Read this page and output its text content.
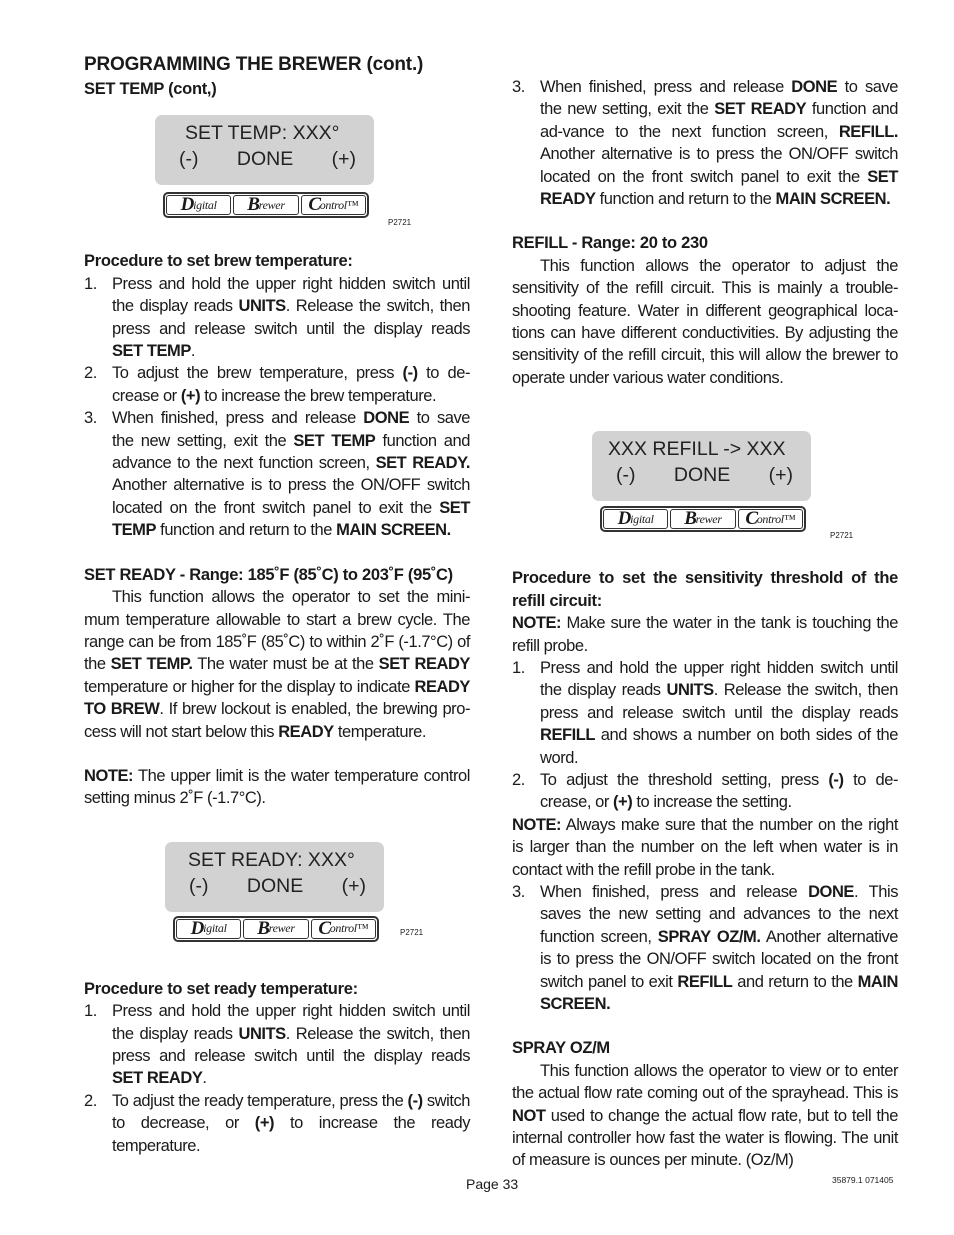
PROGRAMMING THE BREWER (cont.)

SET TEMP (cont,)

SET TEMP: XXX°
(-) DONE (+)
D igital B rewer C ontrol™
P2721

Procedure to set brew temperature:

1. Press and hold the upper right hidden switch until the display reads UNITS. Release the switch, then press and release switch until the display reads SET TEMP.
2. To adjust the brew temperature, press (-) to de-crease or (+) to increase the brew temperature.
3. When finished, press and release DONE to save the new setting, exit the SET TEMP function and advance to the next function screen, SET READY. Another alternative is to press the ON/OFF switch located on the front switch panel to exit the SET TEMP function and return to the MAIN SCREEN.

SET READY - Range: 185˚F (85˚C) to 203˚F (95˚C)

This function allows the operator to set the mini-mum temperature allowable to start a brew cycle. The range can be from 185˚F (85˚C) to within 2˚F (-1.7°C) of the SET TEMP. The water must be at the SET READY temperature or higher for the display to indicate READY TO BREW. If brew lockout is enabled, the brewing pro-cess will not start below this READY temperature.

NOTE: The upper limit is the water temperature control setting minus 2˚F (-1.7°C).

SET READY: XXX°
(-) DONE (+)
D igital B rewer C ontrol™	P2721

Procedure to set ready temperature:

1. Press and hold the upper right hidden switch until the display reads UNITS. Release the switch, then press and release switch until the display reads SET READY.
2. To adjust the ready temperature, press the (-) switch to decrease, or (+) to increase the ready temperature.
3. When finished, press and release DONE to save the new setting, exit the SET READY function and ad-vance to the next function screen, REFILL. Another alternative is to press the ON/OFF switch located on the front switch panel to exit the SET READY function and return to the MAIN SCREEN.

REFILL - Range: 20 to 230

This function allows the operator to adjust the sensitivity of the refill circuit. This is mainly a trouble-shooting feature. Water in different geographical loca-tions can have different conductivities. By adjusting the sensitivity of the refill circuit, this will allow the brewer to operate under various water conditions.

XXX REFILL -> XXX
(-) DONE (+)
D igital B rewer C ontrol™
P2721

Procedure to set the sensitivity threshold of the refill circuit:

NOTE: Make sure the water in the tank is touching the refill probe.

1. Press and hold the upper right hidden switch until the display reads UNITS. Release the switch, then press and release switch until the display reads REFILL and shows a number on both sides of the word.
2. To adjust the threshold setting, press (-) to de-crease, or (+) to increase the setting.

NOTE: Always make sure that the number on the right is larger than the number on the left when water is in contact with the refill probe in the tank.

3. When finished, press and release DONE. This saves the new setting and advances to the next function screen, SPRAY OZ/M. Another alternative is to press the ON/OFF switch located on the front switch panel to exit REFILL and return to the MAIN SCREEN.

SPRAY OZ/M

This function allows the operator to view or to enter the actual flow rate coming out of the sprayhead. This is NOT used to change the actual flow rate, but to tell the internal controller how fast the water is flowing. The unit of measure is ounces per minute. (Oz/M)

Page 33	35879.1 071405
